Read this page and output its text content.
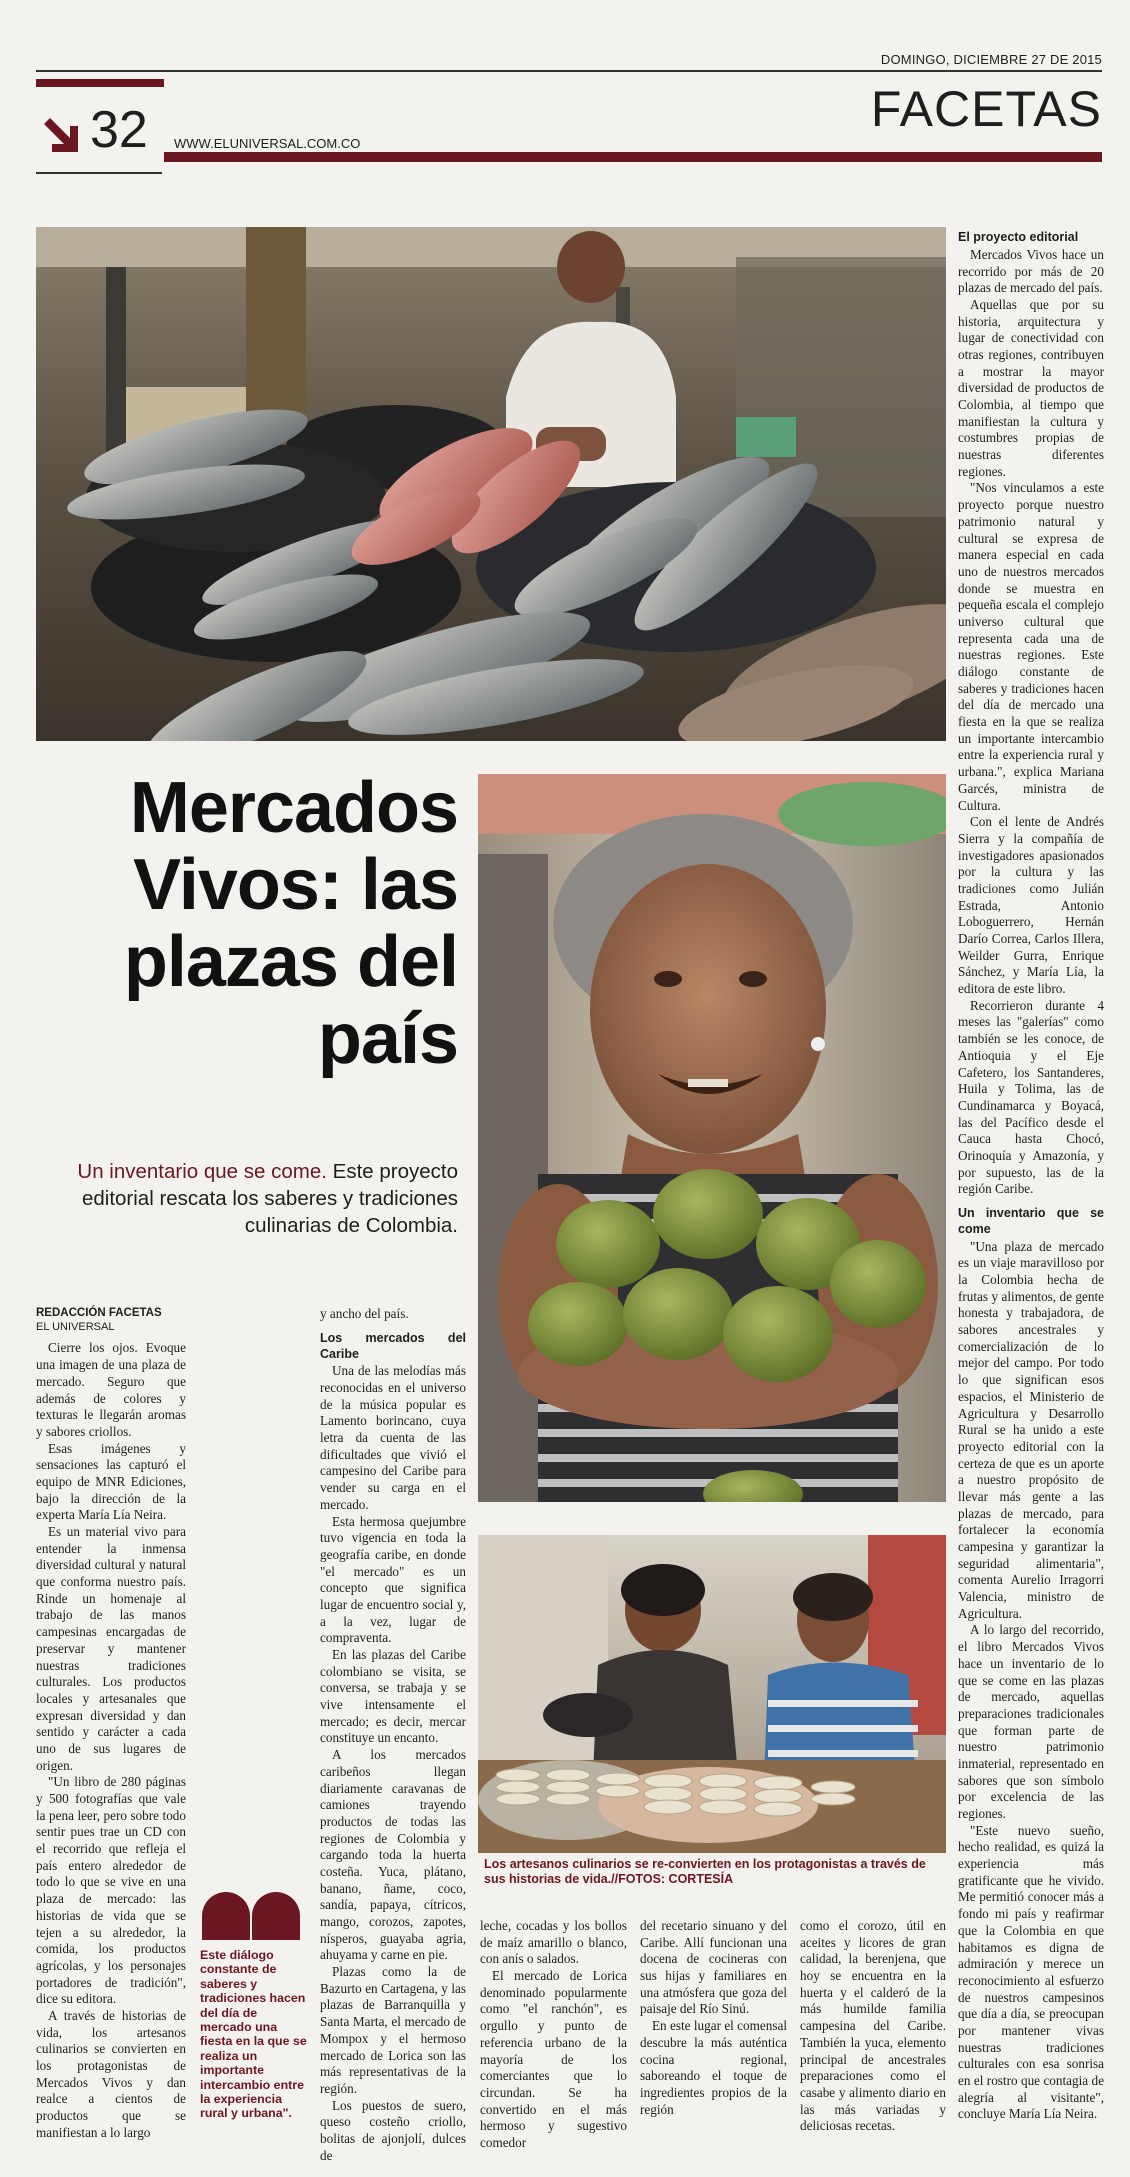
DOMINGO, DICIEMBRE 27 DE 2015
FACETAS
32 WWW.ELUNIVERSAL.COM.CO
Mercados Vivos: las plazas del país
Un inventario que se come. Este proyecto editorial rescata los saberes y tradiciones culinarias de Colombia.
Los artesanos culinarios se re-convierten en los protagonistas a través de sus historias de vida.//FOTOS: CORTESÍA
REDACCIÓN FACETAS
EL UNIVERSAL

Cierre los ojos. Evoque una imagen de una plaza de mercado. Seguro que además de colores y texturas le llegarán aromas y sabores criollos.

Esas imágenes y sensaciones las capturó el equipo de MNR Ediciones, bajo la dirección de la experta María Lía Neira.

Es un material vivo para entender la inmensa diversidad cultural y natural que conforma nuestro país. Rinde un homenaje al trabajo de las manos campesinas encargadas de preservar y mantener nuestras tradiciones culturales. Los productos locales y artesanales que expresan diversidad y dan sentido y carácter a cada uno de sus lugares de origen.

"Un libro de 280 páginas y 500 fotografías que vale la pena leer, pero sobre todo sentir pues trae un CD con el recorrido que refleja el país entero alrededor de todo lo que se vive en una plaza de mercado: las historias de vida que se tejen a su alrededor, la comida, los productos agrícolas, y los personajes portadores de tradición", dice su editora.

A través de historias de vida, los artesanos culinarios se convierten en los protagonistas de Mercados Vivos y dan realce a cientos de productos que se manifiestan a lo largo

Este diálogo constante de saberes y tradiciones hacen del día de mercado una fiesta en la que se realiza un importante intercambio entre la experiencia rural y urbana".

y ancho del país.

Los mercados del Caribe

Una de las melodías más reconocidas en el universo de la música popular es Lamento borincano, cuya letra da cuenta de las dificultades que vivió el campesino del Caribe para vender su carga en el mercado.

Esta hermosa quejumbre tuvo vigencia en toda la geografía caribe, en donde "el mercado" es un concepto que significa lugar de encuentro social y, a la vez, lugar de compraventa.

En las plazas del Caribe colombiano se visita, se conversa, se trabaja y se vive intensamente el mercado; es decir, mercar constituye un encanto.

A los mercados caribeños llegan diariamente caravanas de camiones trayendo productos de todas las regiones de Colombia y cargando toda la huerta costeña. Yuca, plátano, banano, ñame, coco, sandía, papaya, cítricos, mango, corozos, zapotes, nísperos, guayaba agria, ahuyama y carne en pie.

Plazas como la de Bazurto en Cartagena, y las plazas de Barranquilla y Santa Marta, el mercado de Mompox y el hermoso mercado de Lorica son las más representativas de la región.

Los puestos de suero, queso costeño criollo, bolitas de ajonjolí, dulces de

leche, cocadas y los bollos de maíz amarillo o blanco, con anís o salados.

El mercado de Lorica denominado popularmente como "el ranchón", es orgullo y punto de referencia urbano de la mayoría de los comerciantes que lo circundan. Se ha convertido en el más hermoso y sugestivo comedor

del recetario sinuano y del Caribe. Allí funcionan una docena de cocineras con sus hijas y familiares en una atmósfera que goza del paisaje del Río Sinú.

En este lugar el comensal descubre la más auténtica cocina regional, saboreando el toque de ingredientes propios de la región

como el corozo, útil en aceites y licores de gran calidad, la berenjena, que hoy se encuentra en la huerta y el calderó de la más humilde familia campesina del Caribe. También la yuca, elemento principal de ancestrales preparaciones como el casabe y alimento diario en las más variadas y deliciosas recetas.

El proyecto editorial

Mercados Vivos hace un recorrido por más de 20 plazas de mercado del país.

Aquellas que por su historia, arquitectura y lugar de conectividad con otras regiones, contribuyen a mostrar la mayor diversidad de productos de Colombia, al tiempo que manifiestan la cultura y costumbres propias de nuestras diferentes regiones.

"Nos vinculamos a este proyecto porque nuestro patrimonio natural y cultural se expresa de manera especial en cada uno de nuestros mercados donde se muestra en pequeña escala el complejo universo cultural que representa cada una de nuestras regiones. Este diálogo constante de saberes y tradiciones hacen del día de mercado una fiesta en la que se realiza un importante intercambio entre la experiencia rural y urbana.", explica Mariana Garcés, ministra de Cultura.

Con el lente de Andrés Sierra y la compañía de investigadores apasionados por la cultura y las tradiciones como Julián Estrada, Antonio Loboguerrero, Hernán Darío Correa, Carlos Illera, Weilder Gurra, Enrique Sánchez, y María Lía, la editora de este libro.

Recorrieron durante 4 meses las "galerías" como también se les conoce, de Antioquia y el Eje Cafetero, los Santanderes, Huila y Tolima, las de Cundinamarca y Boyacá, las del Pacífico desde el Cauca hasta Chocó, Orinoquía y Amazonía, y por supuesto, las de la región Caribe.

Un inventario que se come

"Una plaza de mercado es un viaje maravilloso por la Colombia hecha de frutas y alimentos, de gente honesta y trabajadora, de sabores ancestrales y comercialización de lo mejor del campo. Por todo lo que significan esos espacios, el Ministerio de Agricultura y Desarrollo Rural se ha unido a este proyecto editorial con la certeza de que es un aporte a nuestro propósito de llevar más gente a las plazas de mercado, para fortalecer la economía campesina y garantizar la seguridad alimentaria", comenta Aurelio Irragorri Valencia, ministro de Agricultura.

A lo largo del recorrido, el libro Mercados Vivos hace un inventario de lo que se come en las plazas de mercado, aquellas preparaciones tradicionales que forman parte de nuestro patrimonio inmaterial, representado en sabores que son símbolo por excelencia de las regiones.

"Este nuevo sueño, hecho realidad, es quizá la experiencia más gratificante que he vivido. Me permitió conocer más a fondo mi país y reafirmar que la Colombia en que habitamos es digna de admiración y merece un reconocimiento al esfuerzo de nuestros campesinos que día a día, se preocupan por mantener vivas nuestras tradiciones culturales con esa sonrisa en el rostro que contagia de alegría al visitante", concluye María Lía Neira.
